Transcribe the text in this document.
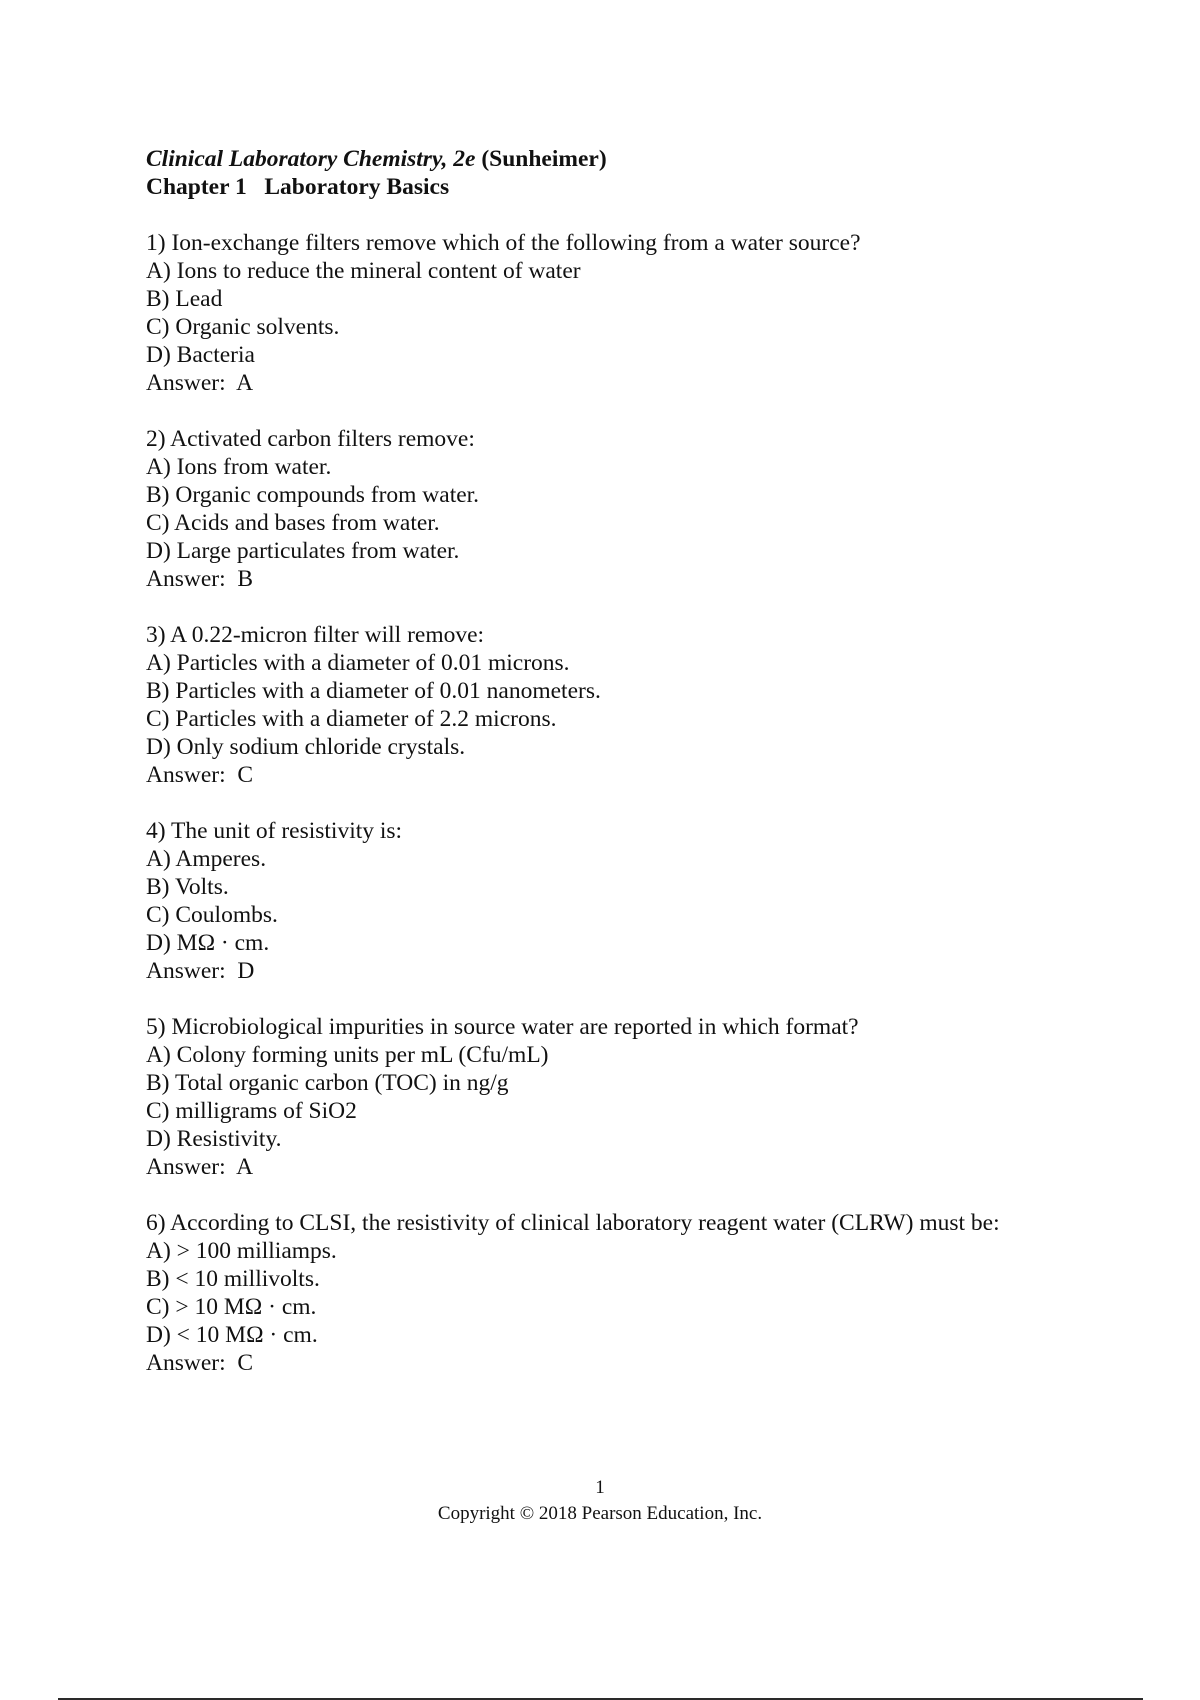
Clinical Laboratory Chemistry, 2e (Sunheimer)
Chapter 1   Laboratory Basics
1) Ion-exchange filters remove which of the following from a water source?
A) Ions to reduce the mineral content of water
B) Lead
C) Organic solvents.
D) Bacteria
Answer:  A
2) Activated carbon filters remove:
A) Ions from water.
B) Organic compounds from water.
C) Acids and bases from water.
D) Large particulates from water.
Answer:  B
3) A 0.22-micron filter will remove:
A) Particles with a diameter of 0.01 microns.
B) Particles with a diameter of 0.01 nanometers.
C) Particles with a diameter of 2.2 microns.
D) Only sodium chloride crystals.
Answer:  C
4) The unit of resistivity is:
A) Amperes.
B) Volts.
C) Coulombs.
D) MΩ · cm.
Answer:  D
5) Microbiological impurities in source water are reported in which format?
A) Colony forming units per mL (Cfu/mL)
B) Total organic carbon (TOC) in ng/g
C) milligrams of SiO2
D) Resistivity.
Answer:  A
6) According to CLSI, the resistivity of clinical laboratory reagent water (CLRW) must be:
A) > 100 milliamps.
B) < 10 millivolts.
C) > 10 MΩ · cm.
D) < 10 MΩ · cm.
Answer:  C
1
Copyright © 2018 Pearson Education, Inc.
